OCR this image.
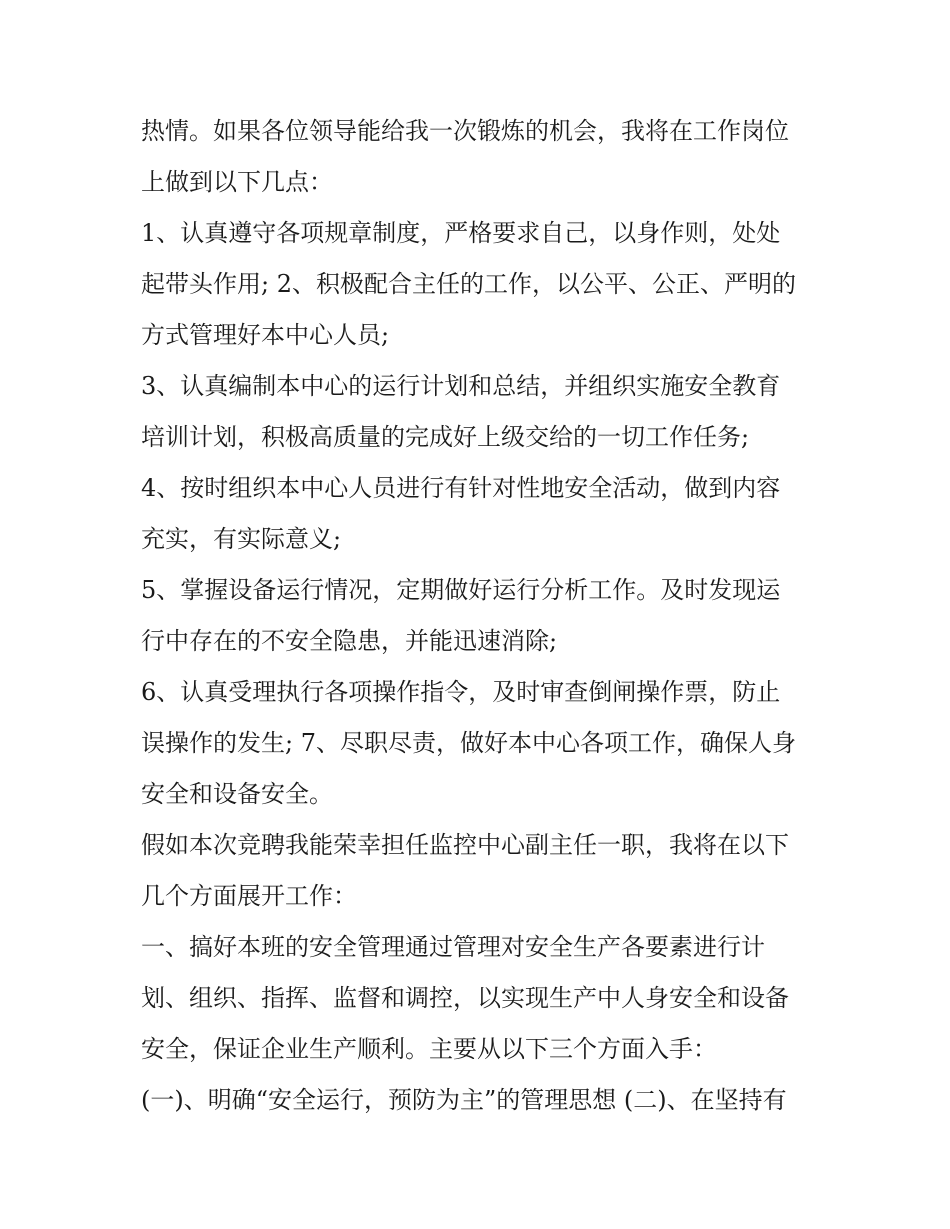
热情。如果各位领导能给我一次锻炼的机会，我将在工作岗位
上做到以下几点：
1、认真遵守各项规章制度，严格要求自己，以身作则，处处
起带头作用; 2、积极配合主任的工作，以公平、公正、严明的
方式管理好本中心人员;
3、认真编制本中心的运行计划和总结，并组织实施安全教育
培训计划，积极高质量的完成好上级交给的一切工作任务;
4、按时组织本中心人员进行有针对性地安全活动，做到内容
充实，有实际意义;
5、掌握设备运行情况，定期做好运行分析工作。及时发现运
行中存在的不安全隐患，并能迅速消除;
6、认真受理执行各项操作指令，及时审查倒闸操作票，防止
误操作的发生; 7、尽职尽责，做好本中心各项工作，确保人身
安全和设备安全。
假如本次竞聘我能荣幸担任监控中心副主任一职，我将在以下
几个方面展开工作：
一、搞好本班的安全管理通过管理对安全生产各要素进行计
划、组织、指挥、监督和调控，以实现生产中人身安全和设备
安全，保证企业生产顺利。主要从以下三个方面入手：
(一)、明确“安全运行，预防为主”的管理思想 (二)、在坚持有
